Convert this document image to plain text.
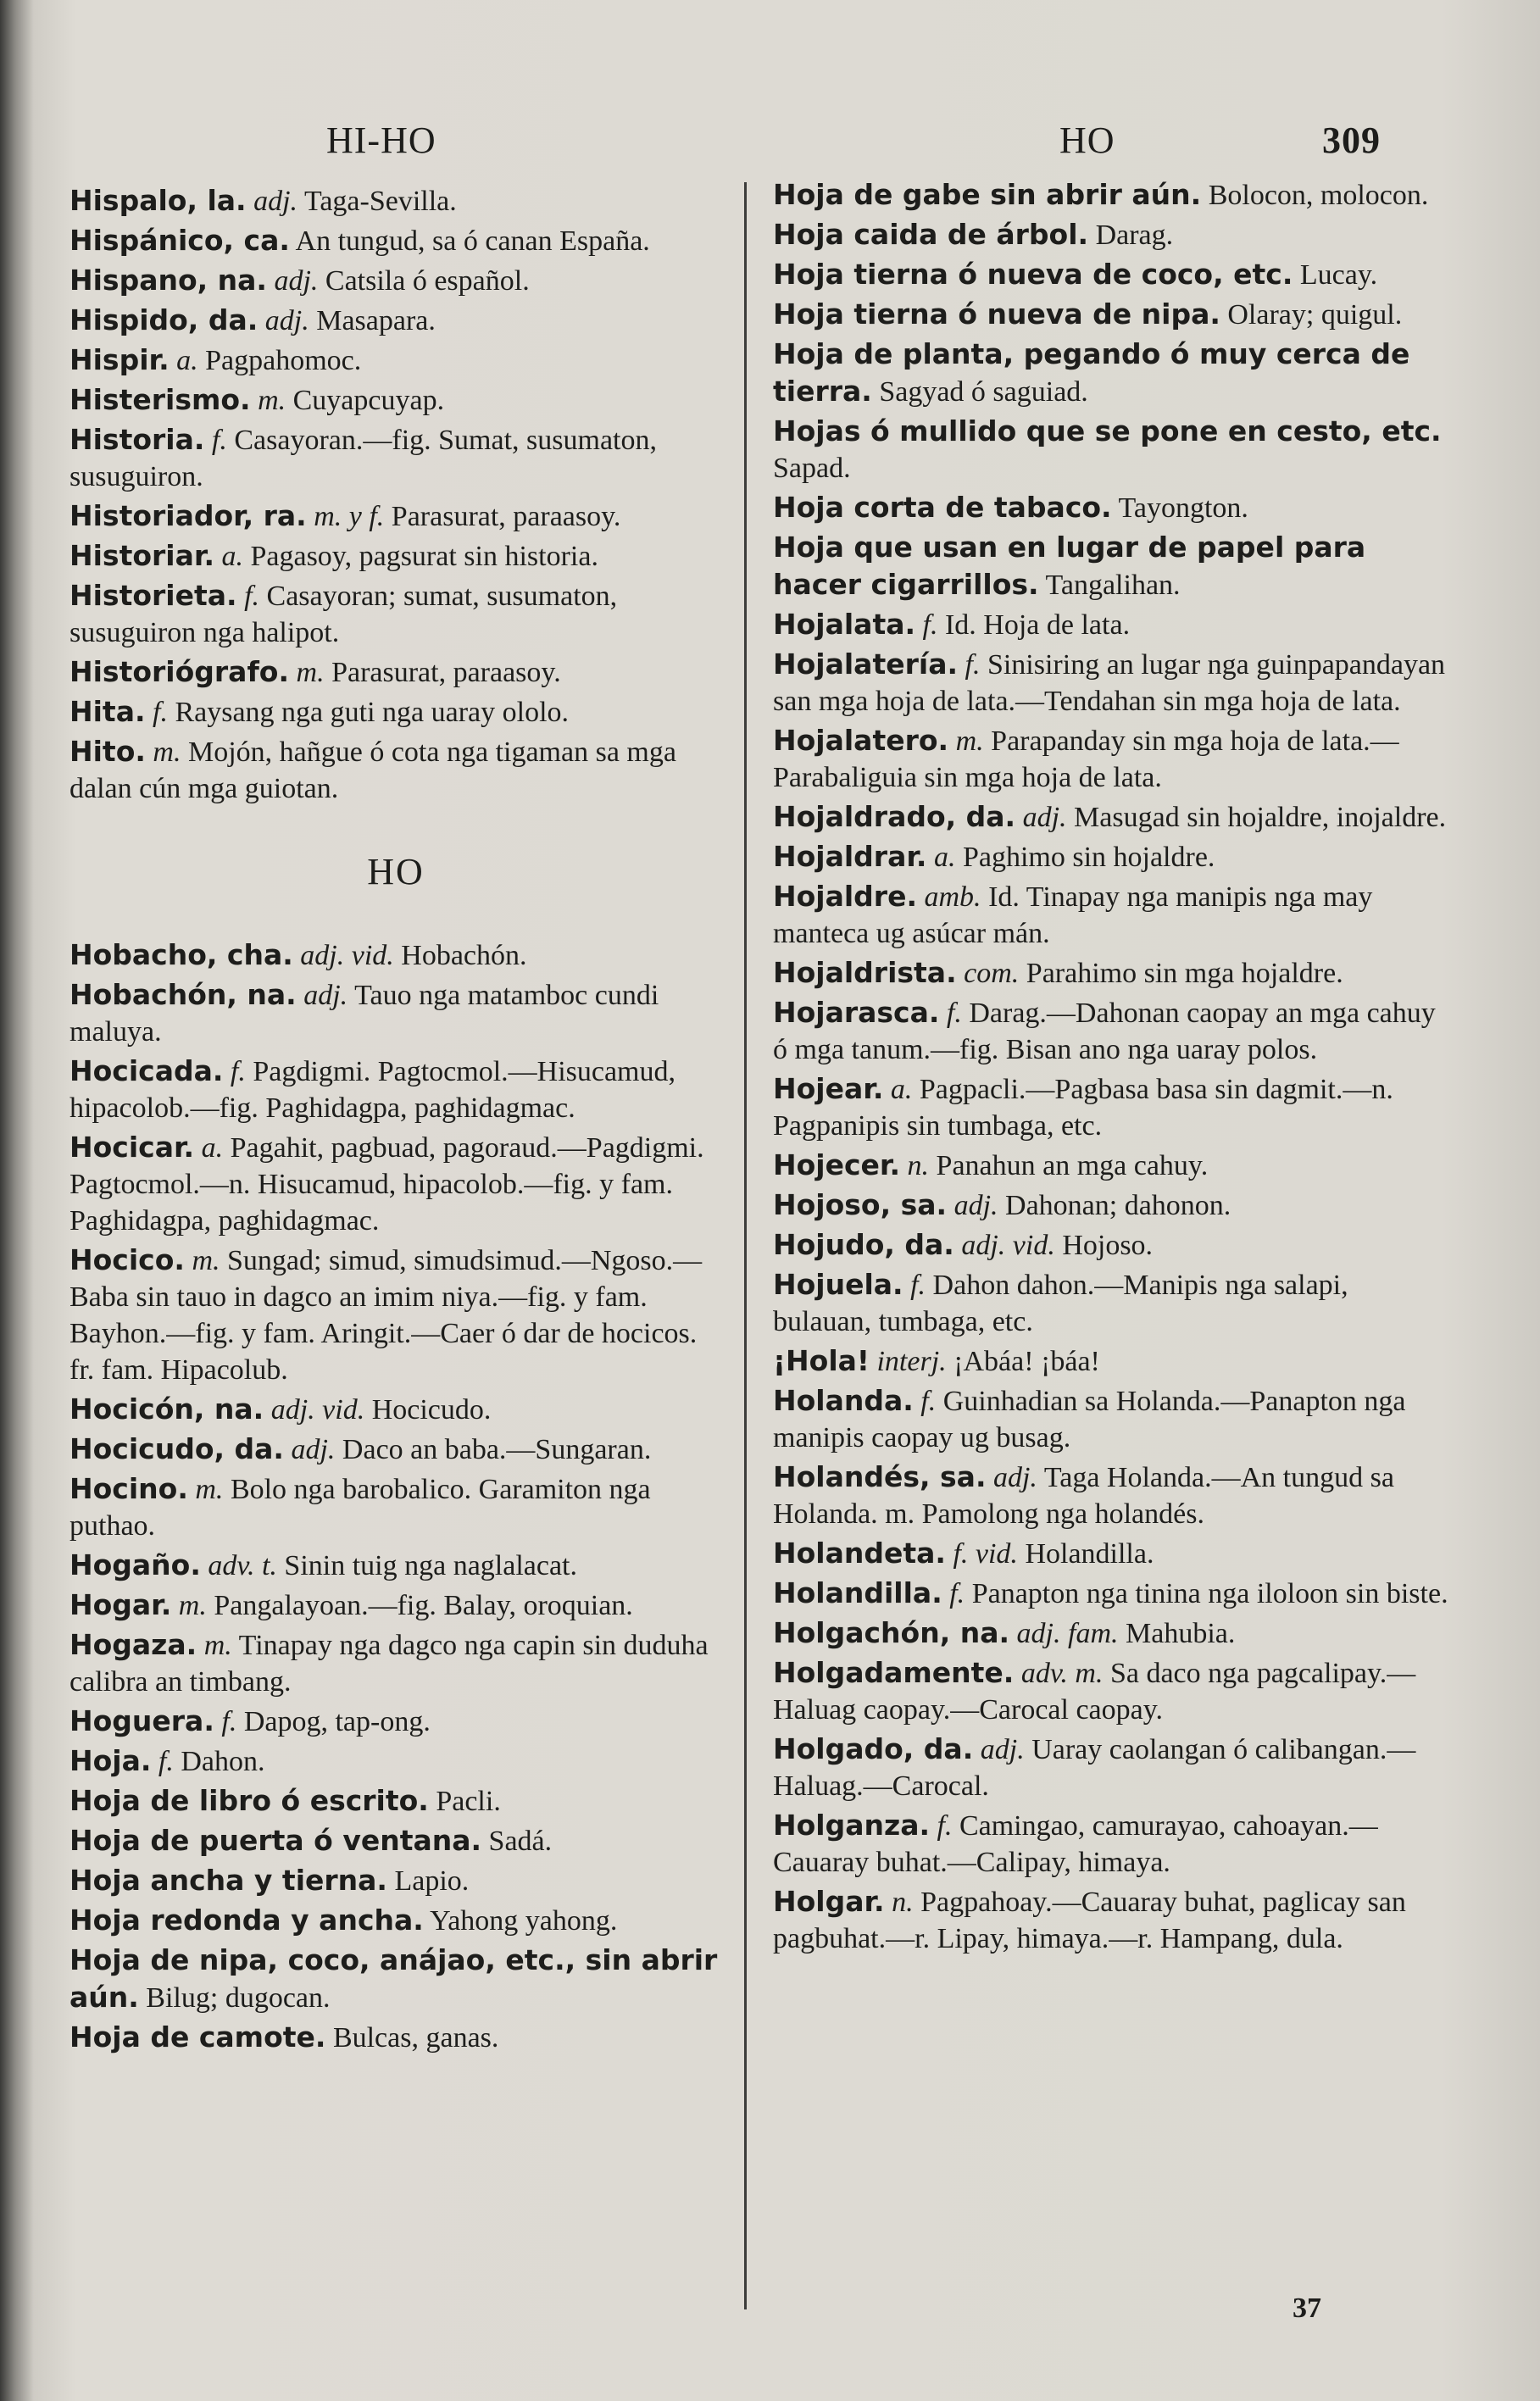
HI-HO	HO	309
Hispalo, la. adj. Taga-Sevilla.
Hispánico, ca. An tungud, sa ó canan España.
Hispano, na. adj. Catsila ó español.
Hispido, da. adj. Masapara.
Hispir. a. Pagpahomoc.
Histerismo. m. Cuyapcuyap.
Historia. f. Casayoran.—fig. Sumat, susumaton, susuguiron.
Historiador, ra. m. y f. Parasurat, paraasoy.
Historiar. a. Pagasoy, pagsurat sin historia.
Historieta. f. Casayoran; sumat, susumaton, susuguiron nga halipot.
Historiógrafo. m. Parasurat, paraasoy.
Hita. f. Raysang nga guti nga uaray ololo.
Hito. m. Mojón, hañgue ó cota nga tigaman sa mga dalan cún mga guiotan.
HO
Hobacho, cha. adj. vid. Hobachón.
Hobachón, na. adj. Tauo nga matamboc cundi maluya.
Hocicada. f. Pagdigmi. Pagtocmol.—Hisucamud, hipacolob.—fig. Paghidagpa, paghidagmac.
Hocicar. a. Pagahit, pagbuad, pagoraud.—Pagdigmi. Pagtocmol.—n. Hisucamud, hipacolob.—fig. y fam. Paghidagpa, paghidagmac.
Hocico. m. Sungad; simud, simudsimud.—Ngoso.—Baba sin tauo in dagco an imim niya.—fig. y fam. Bayhon.—fig. y fam. Aringit.—Caer ó dar de hocicos. fr. fam. Hipacolub.
Hocicón, na. adj. vid. Hocicudo.
Hocicudo, da. adj. Daco an baba.—Sungaran.
Hocino. m. Bolo nga barobalico. Garamiton nga puthao.
Hogaño. adv. t. Sinin tuig nga naglalacat.
Hogar. m. Pangalayoan.—fig. Balay, oroquian.
Hogaza. m. Tinapay nga dagco nga capin sin duduha calibra an timbang.
Hoguera. f. Dapog, tap-ong.
Hoja. f. Dahon.
Hoja de libro ó escrito. Pacli.
Hoja de puerta ó ventana. Sadá.
Hoja ancha y tierna. Lapio.
Hoja redonda y ancha. Yahong yahong.
Hoja de nipa, coco, anájao, etc., sin abrir aún. Bilug; dugocan.
Hoja de camote. Bulcas, ganas.
Hoja de gabe sin abrir aún. Bolocon, molocon.
Hoja caida de árbol. Darag.
Hoja tierna ó nueva de coco, etc. Lucay.
Hoja tierna ó nueva de nipa. Olaray; quigul.
Hoja de planta, pegando ó muy cerca de tierra. Sagyad ó saguiad.
Hojas ó mullido que se pone en cesto, etc. Sapad.
Hoja corta de tabaco. Tayongton.
Hoja que usan en lugar de papel para hacer cigarrillos. Tangalihan.
Hojalata. f. Id. Hoja de lata.
Hojalatería. f. Sinisiring an lugar nga guinpapandayan san mga hoja de lata.—Tendahan sin mga hoja de lata.
Hojalatero. m. Parapanday sin mga hoja de lata.—Parabaliguia sin mga hoja de lata.
Hojaldrado, da. adj. Masugad sin hojaldre, inojaldre.
Hojaldrar. a. Paghimo sin hojaldre.
Hojaldre. amb. Id. Tinapay nga manipis nga may manteca ug asúcar mán.
Hojaldrista. com. Parahimo sin mga hojaldre.
Hojarasca. f. Darag.—Dahonan caopay an mga cahuy ó mga tanum.—fig. Bisan ano nga uaray polos.
Hojear. a. Pagpacli.—Pagbasa basa sin dagmit.—n. Pagpanipis sin tumbaga, etc.
Hojecer. n. Panahun an mga cahuy.
Hojoso, sa. adj. Dahonan; dahonon.
Hojudo, da. adj. vid. Hojoso.
Hojuela. f. Dahon dahon.—Manipis nga salapi, bulauan, tumbaga, etc.
¡Hola! interj. ¡Abáa! ¡báa!
Holanda. f. Guinhadian sa Holanda.—Panapton nga manipis caopay ug busag.
Holandés, sa. adj. Taga Holanda.—An tungud sa Holanda. m. Pamolong nga holandés.
Holandeta. f. vid. Holandilla.
Holandilla. f. Panapton nga tinina nga iloloon sin biste.
Holgachón, na. adj. fam. Mahubia.
Holgadamente. adv. m. Sa daco nga pagcalipay.—Haluag caopay.—Carocal caopay.
Holgado, da. adj. Uaray caolangan ó calibangan.—Haluag.—Carocal.
Holganza. f. Camingao, camurayao, cahoayan.—Cauaray buhat.—Calipay, himaya.
Holgar. n. Pagpahoay.—Cauaray buhat, paglicay san pagbuhat.—r. Lipay, himaya.—r. Hampang, dula.
37
